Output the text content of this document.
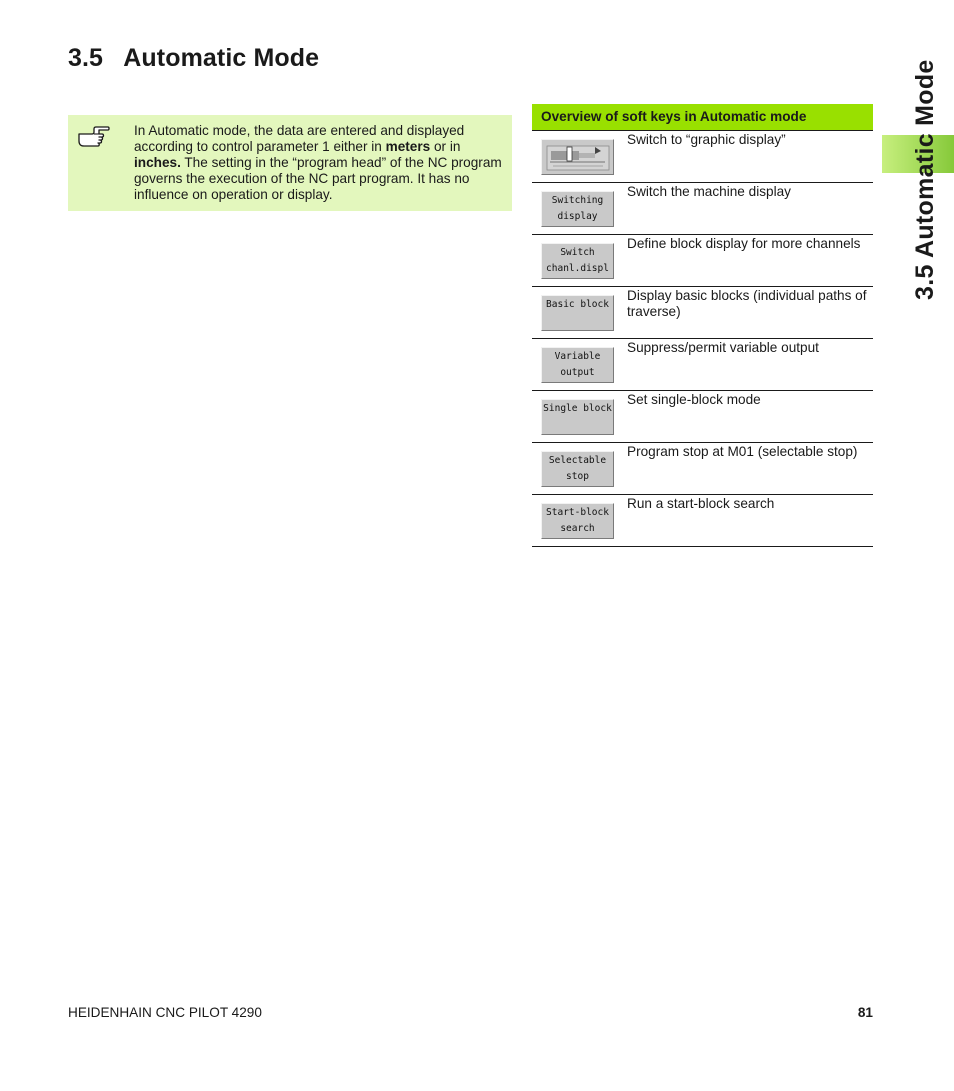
3.5   Automatic Mode
3.5 Automatic Mode

In Automatic mode, the data are entered and displayed according to control parameter 1 either in meters or in inches. The setting in the “program head” of the NC program governs the execution of the NC part program. It has no influence on operation or display.

Overview of soft keys in Automatic mode

Switch to “graphic display”

Switching
display

Switch the machine display

Switch
chanl.displ

Define block display for more channels

Basic block

Display basic blocks (individual paths of traverse)

Variable
output

Suppress/permit variable output

Single block

Set single-block mode

Selectable
stop

Program stop at M01 (selectable stop)

Start-block
search

Run a start-block search

HEIDENHAIN CNC PILOT 4290	81
